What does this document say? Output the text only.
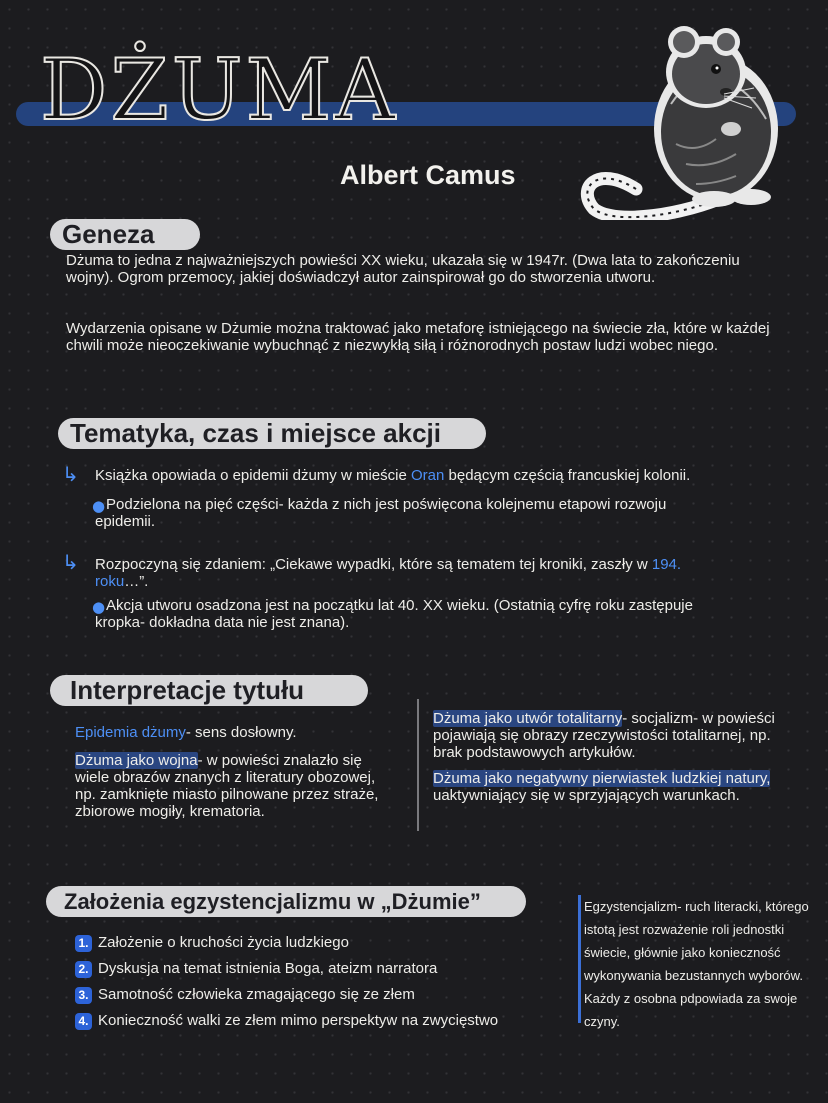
DŻUMA
Albert Camus
Geneza
Dżuma to jedna z najważniejszych powieści XX wieku, ukazała się w 1947r. (Dwa lata to zakończeniu wojny). Ogrom przemocy, jakiej doświadczył autor zainspirował go do stworzenia utworu.
Wydarzenia opisane w Dżumie można traktować jako metaforę istniejącego na świecie zła, które w każdej chwili może nieoczekiwanie wybuchnąć z niezwykłą siłą i różnorodnych postaw ludzi wobec niego.
Tematyka, czas i miejsce akcji
↳ Książka opowiada o epidemii dżumy w mieście Oran będącym częścią francuskiej kolonii.
● Podzielona na pięć części- każda z nich jest poświęcona kolejnemu etapowi rozwoju epidemii.
↳ Rozpoczyną się zdaniem: „Ciekawe wypadki, które są tematem tej kroniki, zaszły w 194. roku…”.
● Akcja utworu osadzona jest na początku lat 40. XX wieku. (Ostatnią cyfrę roku zastępuje kropka- dokładna data nie jest znana).
Interpretacje tytułu
Epidemia dżumy- sens dosłowny.
Dżuma jako wojna- w powieści znalazło się wiele obrazów znanych z literatury obozowej, np. zamknięte miasto pilnowane przez straże, zbiorowe mogiły, krematoria.
Dżuma jako utwór totalitarny- socjalizm- w powieści pojawiają się obrazy rzeczywistości totalitarnej, np. brak podstawowych artykułów.
Dżuma jako negatywny pierwiastek ludzkiej natury, uaktywniający się w sprzyjających warunkach.
Założenia egzystencjalizmu w „Dżumie”
1. Założenie o kruchości życia ludzkiego
2. Dyskusja na temat istnienia Boga, ateizm narratora
3. Samotność człowieka zmagającego się ze złem
4. Konieczność walki ze złem mimo perspektyw na zwycięstwo
Egzystencjalizm- ruch literacki, którego istotą jest rozważenie roli jednostki świecie, głównie jako konieczność wykonywania bezustannych wyborów. Każdy z osobna pdpowiada za swoje czyny.
